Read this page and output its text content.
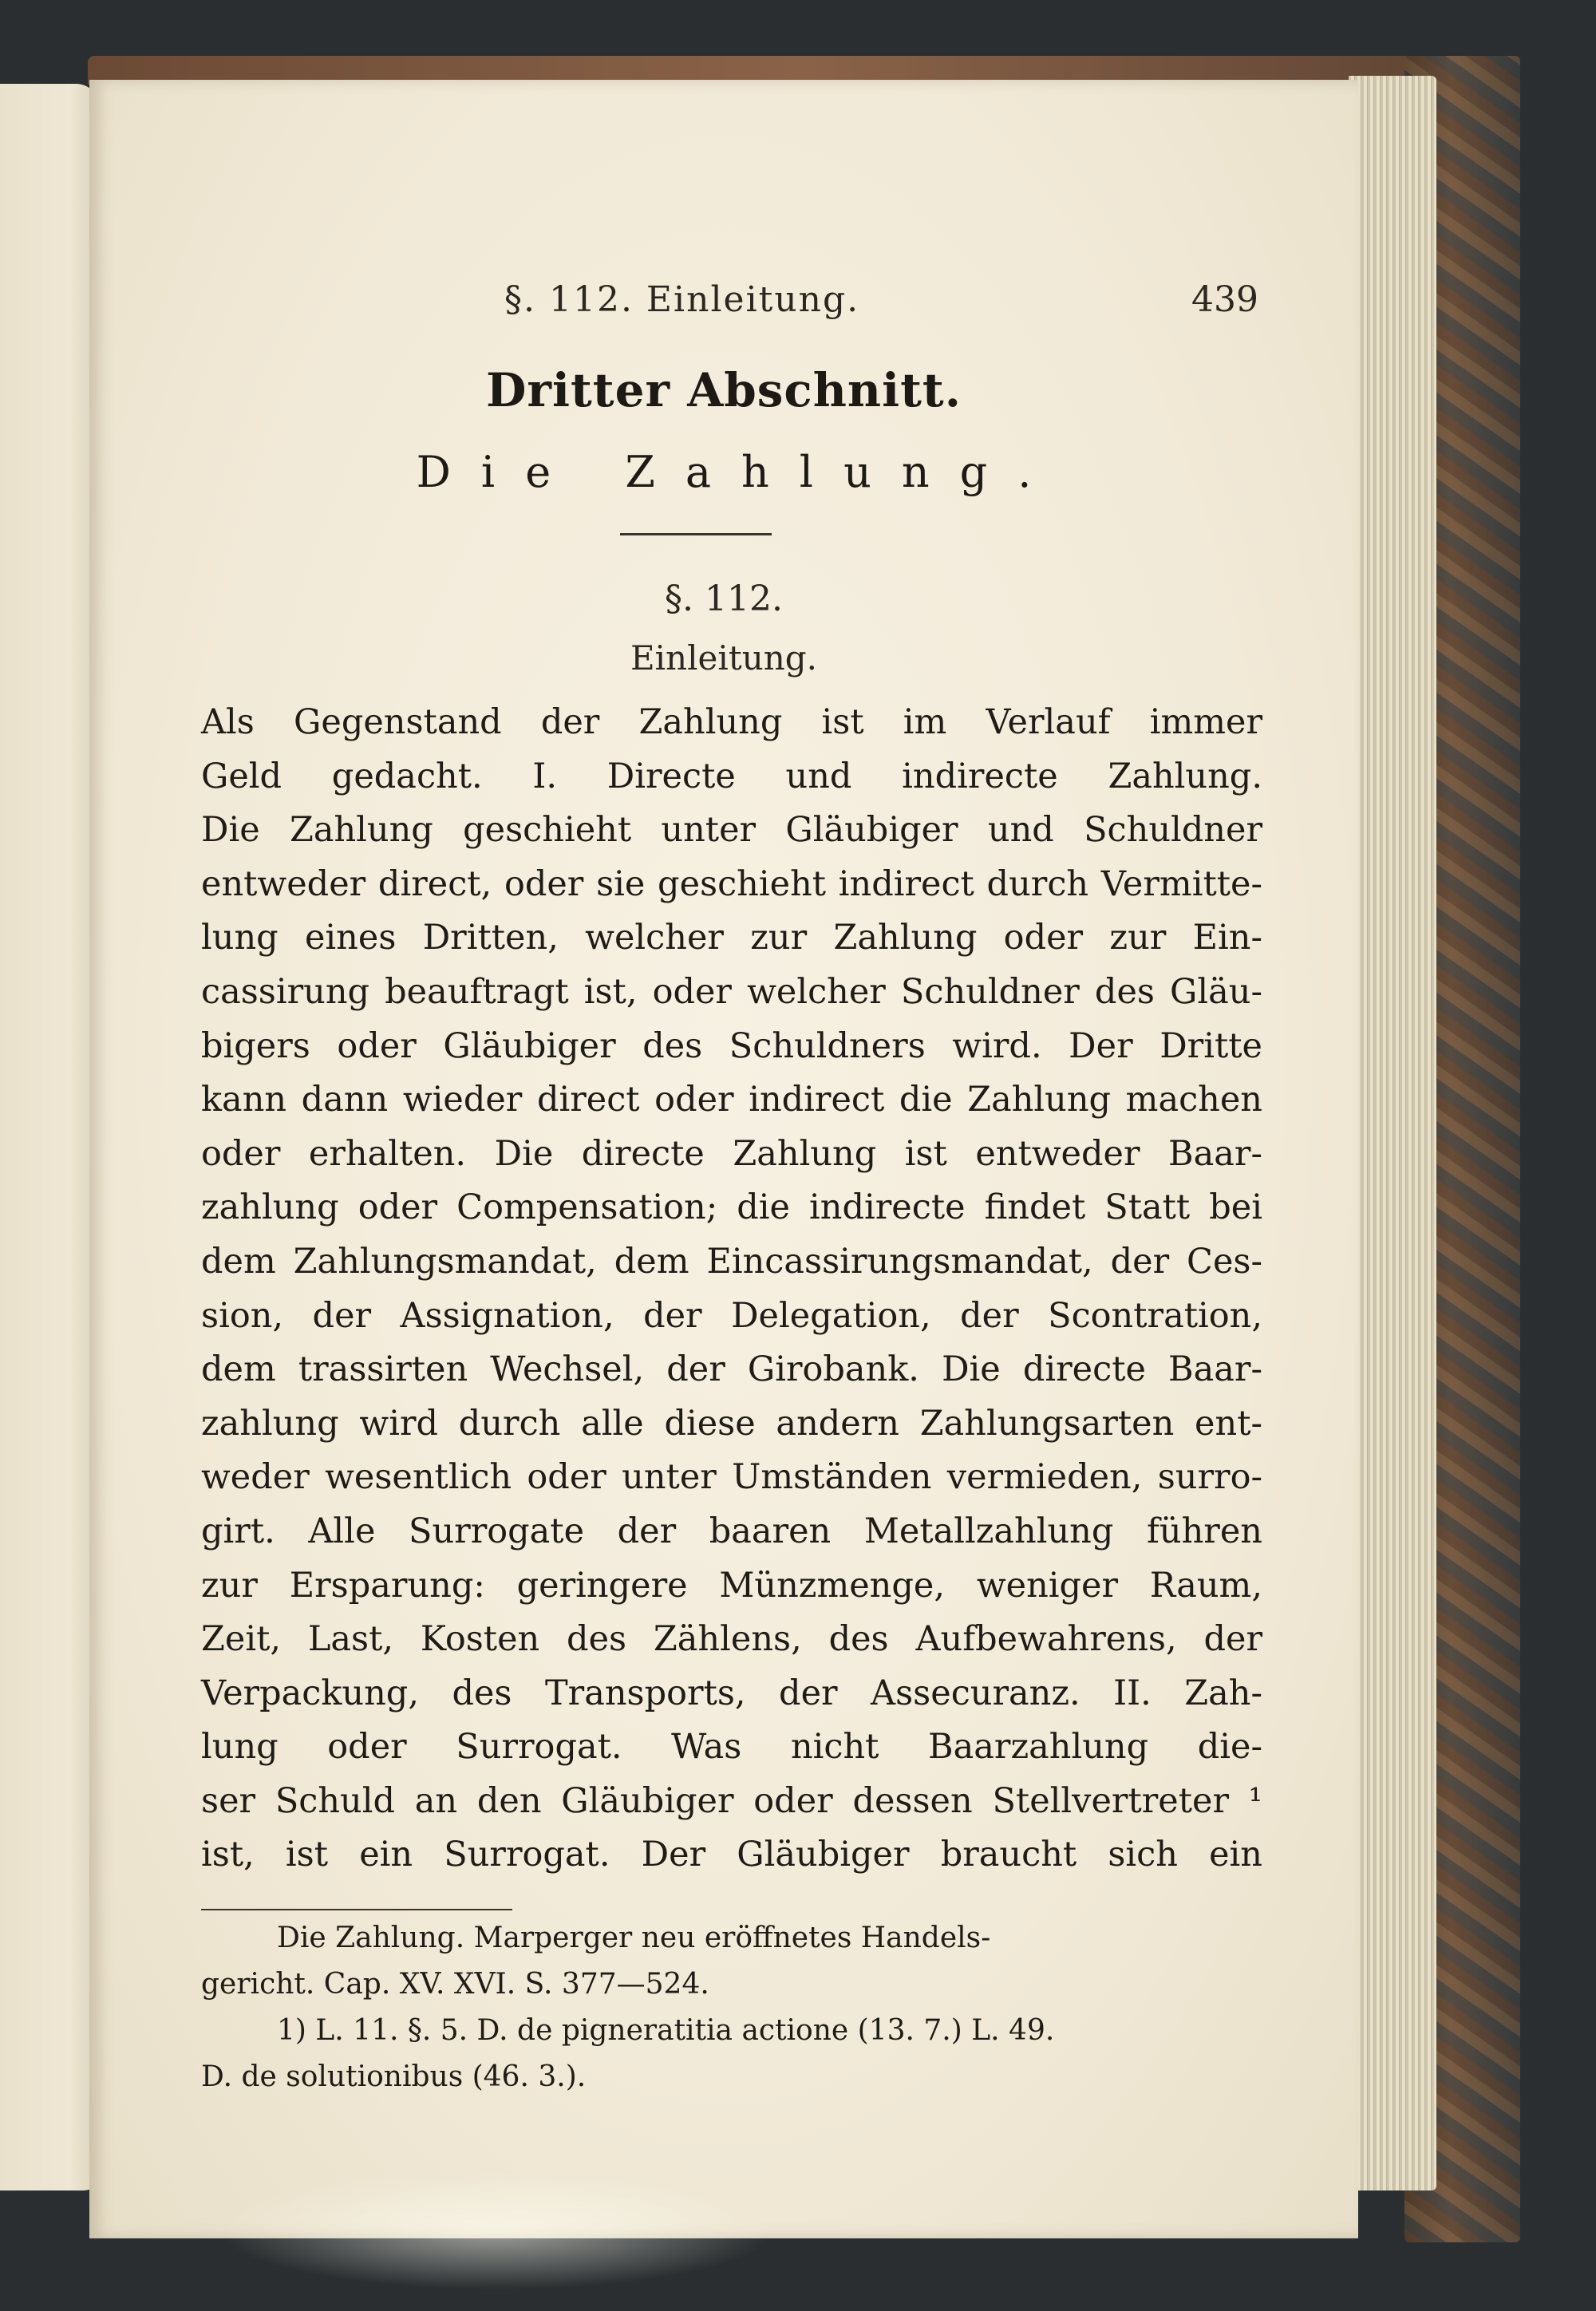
§. 112. Einleitung.	439
Dritter Abschnitt.
Die Zahlung.
§. 112.
Einleitung.
Als Gegenstand der Zahlung ist im Verlauf immer
Geld gedacht. I. Directe und indirecte Zahlung.
Die Zahlung geschieht unter Gläubiger und Schuldner
entweder direct, oder sie geschieht indirect durch Vermitte-
lung eines Dritten, welcher zur Zahlung oder zur Ein-
cassirung beauftragt ist, oder welcher Schuldner des Gläu-
bigers oder Gläubiger des Schuldners wird. Der Dritte
kann dann wieder direct oder indirect die Zahlung machen
oder erhalten. Die directe Zahlung ist entweder Baar-
zahlung oder Compensation; die indirecte findet Statt bei
dem Zahlungsmandat, dem Eincassirungsmandat, der Ces-
sion, der Assignation, der Delegation, der Scontration,
dem trassirten Wechsel, der Girobank. Die directe Baar-
zahlung wird durch alle diese andern Zahlungsarten ent-
weder wesentlich oder unter Umständen vermieden, surro-
girt. Alle Surrogate der baaren Metallzahlung führen
zur Ersparung: geringere Münzmenge, weniger Raum,
Zeit, Last, Kosten des Zählens, des Aufbewahrens, der
Verpackung, des Transports, der Assecuranz. II. Zah-
lung oder Surrogat. Was nicht Baarzahlung die-
ser Schuld an den Gläubiger oder dessen Stellvertreter ¹
ist, ist ein Surrogat. Der Gläubiger braucht sich ein
Die Zahlung. Marperger neu eröffnetes Handels-
gericht. Cap. XV. XVI. S. 377—524.
1) L. 11. §. 5. D. de pigneratitia actione (13. 7.) L. 49.
D. de solutionibus (46. 3.).
